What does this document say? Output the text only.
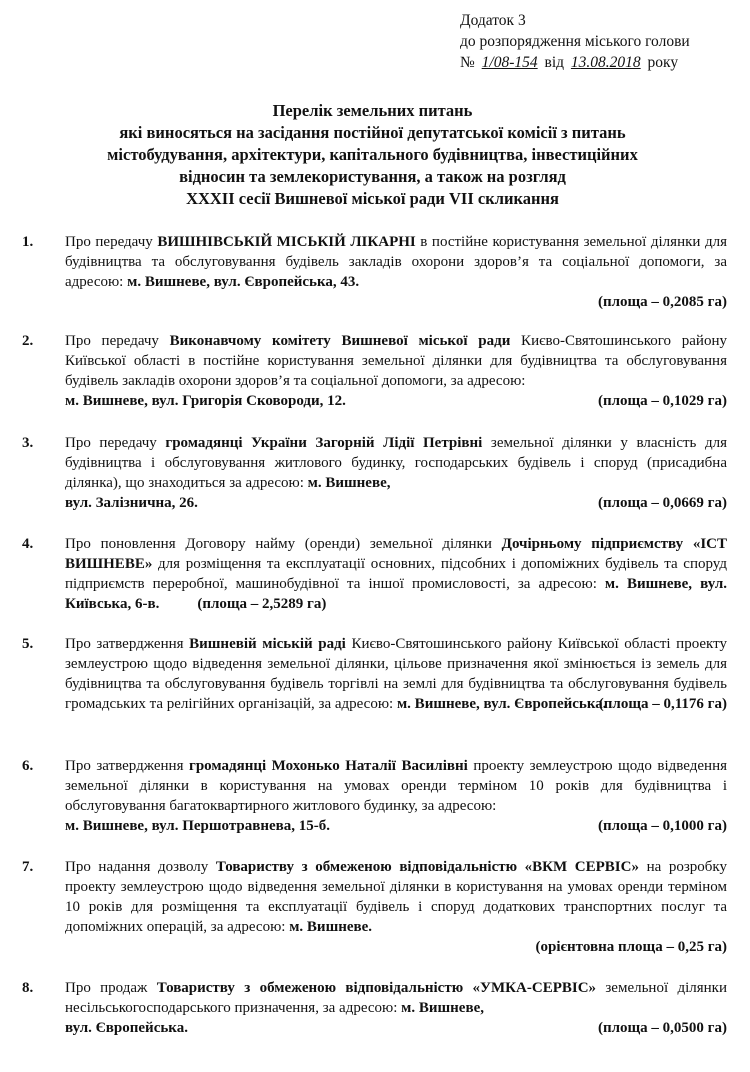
Додаток 3
до розпорядження міського голови
№ 1/08-154 від 13.08.2018 року
Перелік земельних питань
які виносяться на засідання постійної депутатської комісії з питань
містобудування, архітектури, капітального будівництва, інвестиційних
відносин та землекористування, а також на розгляд
XXXII сесії Вишневої міської ради VII скликання
1. Про передачу ВИШНІВСЬКІЙ МІСЬКІЙ ЛІКАРНІ в постійне користування земельної ділянки для будівництва та обслуговування будівель закладів охорони здоров’я та соціальної допомоги, за адресою: м. Вишневе, вул. Європейська, 43.
(площа – 0,2085 га)
2. Про передачу Виконавчому комітету Вишневої міської ради Києво-Святошинського району Київської області в постійне користування земельної ділянки для будівництва та обслуговування будівель закладів охорони здоров’я та соціальної допомоги, за адресою:
м. Вишневе, вул. Григорія Сковороди, 12.	(площа – 0,1029 га)
3. Про передачу громадянці України Загорній Лідії Петрівні земельної ділянки у власність для будівництва і обслуговування житлового будинку, господарських будівель і споруд (присадибна ділянка), що знаходиться за адресою: м. Вишневе,
вул. Залізнична, 26.	(площа – 0,0669 га)
4. Про поновлення Договору найму (оренди) земельної ділянки Дочірньому підприємству «ІСТ ВИШНЕВЕ» для розміщення та експлуатації основних, підсобних і допоміжних будівель та споруд підприємств переробної, машинобудівної та іншої промисловості, за адресою: м. Вишневе, вул. Київська, 6-в.	(площа – 2,5289 га)
5. Про затвердження Вишневій міській раді Києво-Святошинського району Київської області проекту землеустрою щодо відведення земельної ділянки, цільове призначення якої змінюється із земель для будівництва та обслуговування будівель торгівлі на землі для будівництва та обслуговування будівель громадських та релігійних організацій, за адресою: м. Вишневе, вул. Європейська.
(площа – 0,1176 га)
6. Про затвердження громадянці Мохонько Наталії Василівні проекту землеустрою щодо відведення земельної ділянки в користування на умовах оренди терміном 10 років для будівництва і обслуговування багатоквартирного житлового будинку, за адресою:
м. Вишневе, вул. Першотравнева, 15-б.	(площа – 0,1000 га)
7. Про надання дозволу Товариству з обмеженою відповідальністю «ВКМ СЕРВІС» на розробку проекту землеустрою щодо відведення земельної ділянки в користування на умовах оренди терміном 10 років для розміщення та експлуатації будівель і споруд додаткових транспортних послуг та допоміжних операцій, за адресою: м. Вишневе.
(орієнтовна площа – 0,25 га)
8. Про продаж Товариству з обмеженою відповідальністю «УМКА-СЕРВІС» земельної ділянки несільськогосподарського призначення, за адресою: м. Вишневе,
вул. Європейська.	(площа – 0,0500 га)
